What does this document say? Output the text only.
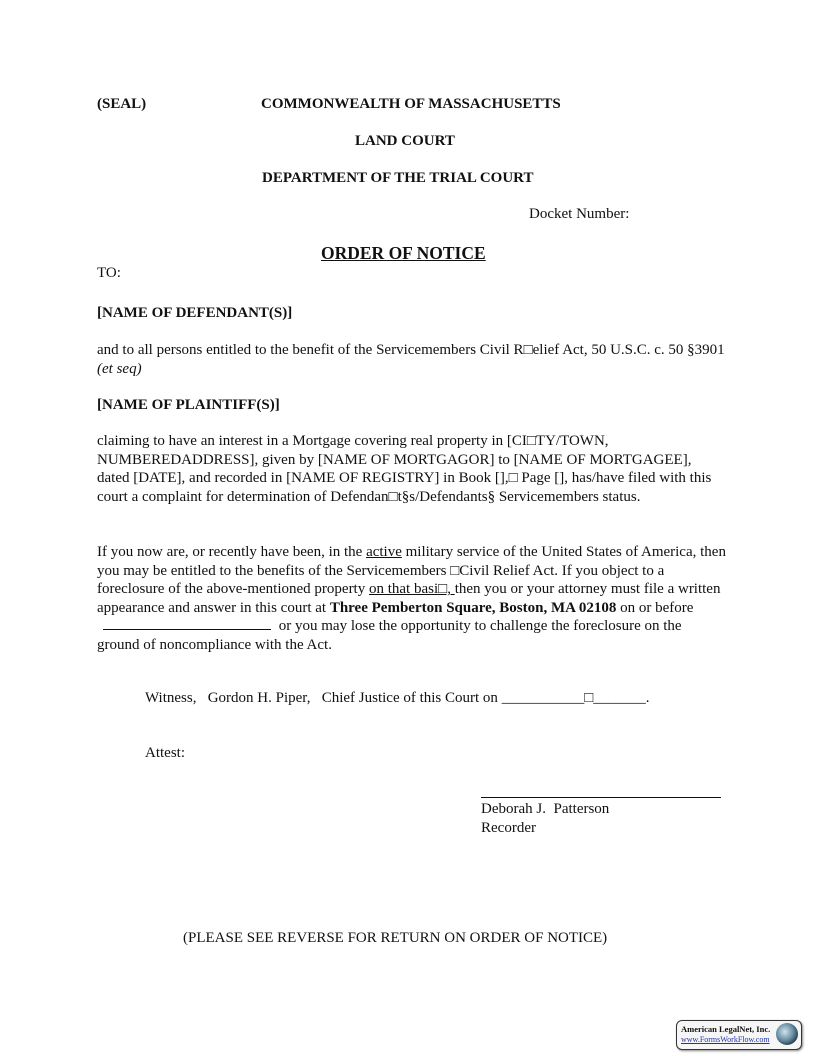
(SEAL)	COMMONWEALTH OF MASSACHUSETTS
LAND COURT
DEPARTMENT OF THE TRIAL COURT
Docket Number:
ORDER OF NOTICE
TO:
[NAME OF DEFENDANT(S)]
and to all persons entitled to the benefit of the Servicemembers Civil R□elief Act, 50 U.S.C. c. 50 §3901 (et seq)
[NAME OF PLAINTIFF(S)]
claiming to have an interest in a Mortgage covering real property in [CI□TY/TOWN, NUMBEREDADDRESS], given by [NAME OF MORTGAGOR] to [NAME OF MORTGAGEE], dated [DATE], and recorded in [NAME OF REGISTRY] in Book [],□ Page [], has/have filed with this court a complaint for determination of Defendan□t§s/Defendants§ Servicemembers status.
If you now are, or recently have been, in the active military service of the United States of America, then you may be entitled to the benefits of the Servicemembers □Civil Relief Act. If you object to a foreclosure of the above-mentioned property on that basi□, then you or your attorney must file a written appearance and answer in this court at Three Pemberton Square, Boston, MA 02108 on or before  or you may lose the opportunity to challenge the foreclosure on the ground of noncompliance with the Act.
Witness,   Gordon H. Piper,   Chief Justice of this Court on ___________□_______.
Attest:
Deborah J.  Patterson
Recorder
(PLEASE SEE REVERSE FOR RETURN ON ORDER OF NOTICE)
American LegalNet, Inc.
www.FormsWorkFlow.com
